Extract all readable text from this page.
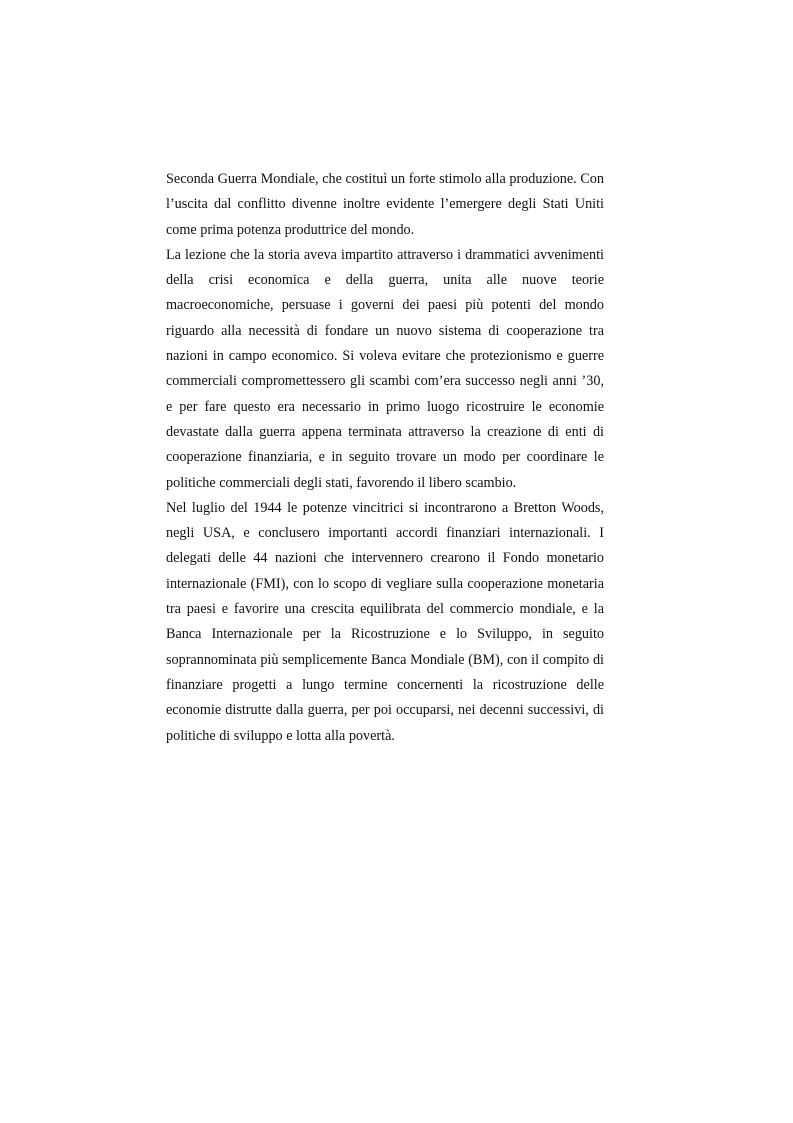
Seconda Guerra Mondiale, che costituì un forte stimolo alla produzione. Con l’uscita dal conflitto divenne inoltre evidente l’emergere degli Stati Uniti come prima potenza produttrice del mondo.

La lezione che la storia aveva impartito attraverso i drammatici avvenimenti della crisi economica e della guerra, unita alle nuove teorie macroeconomiche, persuase i governi dei paesi più potenti del mondo riguardo alla necessità di fondare un nuovo sistema di cooperazione tra nazioni in campo economico. Si voleva evitare che protezionismo e guerre commerciali compromettessero gli scambi com’era successo negli anni ’30, e per fare questo era necessario in primo luogo ricostruire le economie devastate dalla guerra appena terminata attraverso la creazione di enti di cooperazione finanziaria, e in seguito trovare un modo per coordinare le politiche commerciali degli stati, favorendo il libero scambio.

Nel luglio del 1944 le potenze vincitrici si incontrarono a Bretton Woods, negli USA, e conclusero importanti accordi finanziari internazionali. I delegati delle 44 nazioni che intervennero crearono il Fondo monetario internazionale (FMI), con lo scopo di vegliare sulla cooperazione monetaria tra paesi e favorire una crescita equilibrata del commercio mondiale, e la Banca Internazionale per la Ricostruzione e lo Sviluppo, in seguito soprannominata più semplicemente Banca Mondiale (BM), con il compito di finanziare progetti a lungo termine concernenti la ricostruzione delle economie distrutte dalla guerra, per poi occuparsi, nei decenni successivi, di politiche di sviluppo e lotta alla povertà.
